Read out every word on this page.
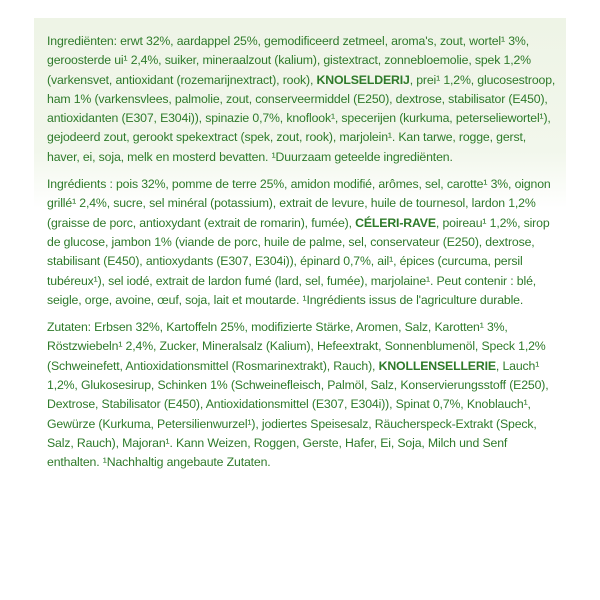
Ingrediënten: erwt 32%, aardappel 25%, gemodificeerd zetmeel, aroma's, zout, wortel¹ 3%, geroosterde ui¹ 2,4%, suiker, mineraalzout (kalium), gistextract, zonnebloemolie, spek 1,2% (varkensvet, antioxidant (rozemarijnextract), rook), KNOLSELDERIJ, prei¹ 1,2%, glucosestroop, ham 1% (varkensvlees, palmolie, zout, conserveermiddel (E250), dextrose, stabilisator (E450), antioxidanten (E307, E304i)), spinazie 0,7%, knoflook¹, specerijen (kurkuma, peterseliewortel¹), gejodeerd zout, gerookt spekextract (spek, zout, rook), marjolein¹. Kan tarwe, rogge, gerst, haver, ei, soja, melk en mosterd bevatten. ¹Duurzaam geteelde ingrediënten.

Ingrédients : pois 32%, pomme de terre 25%, amidon modifié, arômes, sel, carotte¹ 3%, oignon grillé¹ 2,4%, sucre, sel minéral (potassium), extrait de levure, huile de tournesol, lardon 1,2% (graisse de porc, antioxydant (extrait de romarin), fumée), CÉLERI-RAVE, poireau¹ 1,2%, sirop de glucose, jambon 1% (viande de porc, huile de palme, sel, conservateur (E250), dextrose, stabilisant (E450), antioxydants (E307, E304i)), épinard 0,7%, ail¹, épices (curcuma, persil tubéreux¹), sel iodé, extrait de lardon fumé (lard, sel, fumée), marjolaine¹. Peut contenir : blé, seigle, orge, avoine, œuf, soja, lait et moutarde. ¹Ingrédients issus de l'agriculture durable.

Zutaten: Erbsen 32%, Kartoffeln 25%, modifizierte Stärke, Aromen, Salz, Karotten¹ 3%, Röstzwiebeln¹ 2,4%, Zucker, Mineralsalz (Kalium), Hefeextrakt, Sonnenblumenöl, Speck 1,2% (Schweinefett, Antioxidationsmittel (Rosmarinextrakt), Rauch), KNOLLENSELLERIE, Lauch¹ 1,2%, Glukosesirup, Schinken 1% (Schweinefleisch, Palmöl, Salz, Konservierungsstoff (E250), Dextrose, Stabilisator (E450), Antioxidationsmittel (E307, E304i)), Spinat 0,7%, Knoblauch¹, Gewürze (Kurkuma, Petersilienwurzel¹), jodiertes Speisesalz, Räucherspeck-Extrakt (Speck, Salz, Rauch), Majoran¹. Kann Weizen, Roggen, Gerste, Hafer, Ei, Soja, Milch und Senf enthalten. ¹Nachhaltig angebaute Zutaten.
